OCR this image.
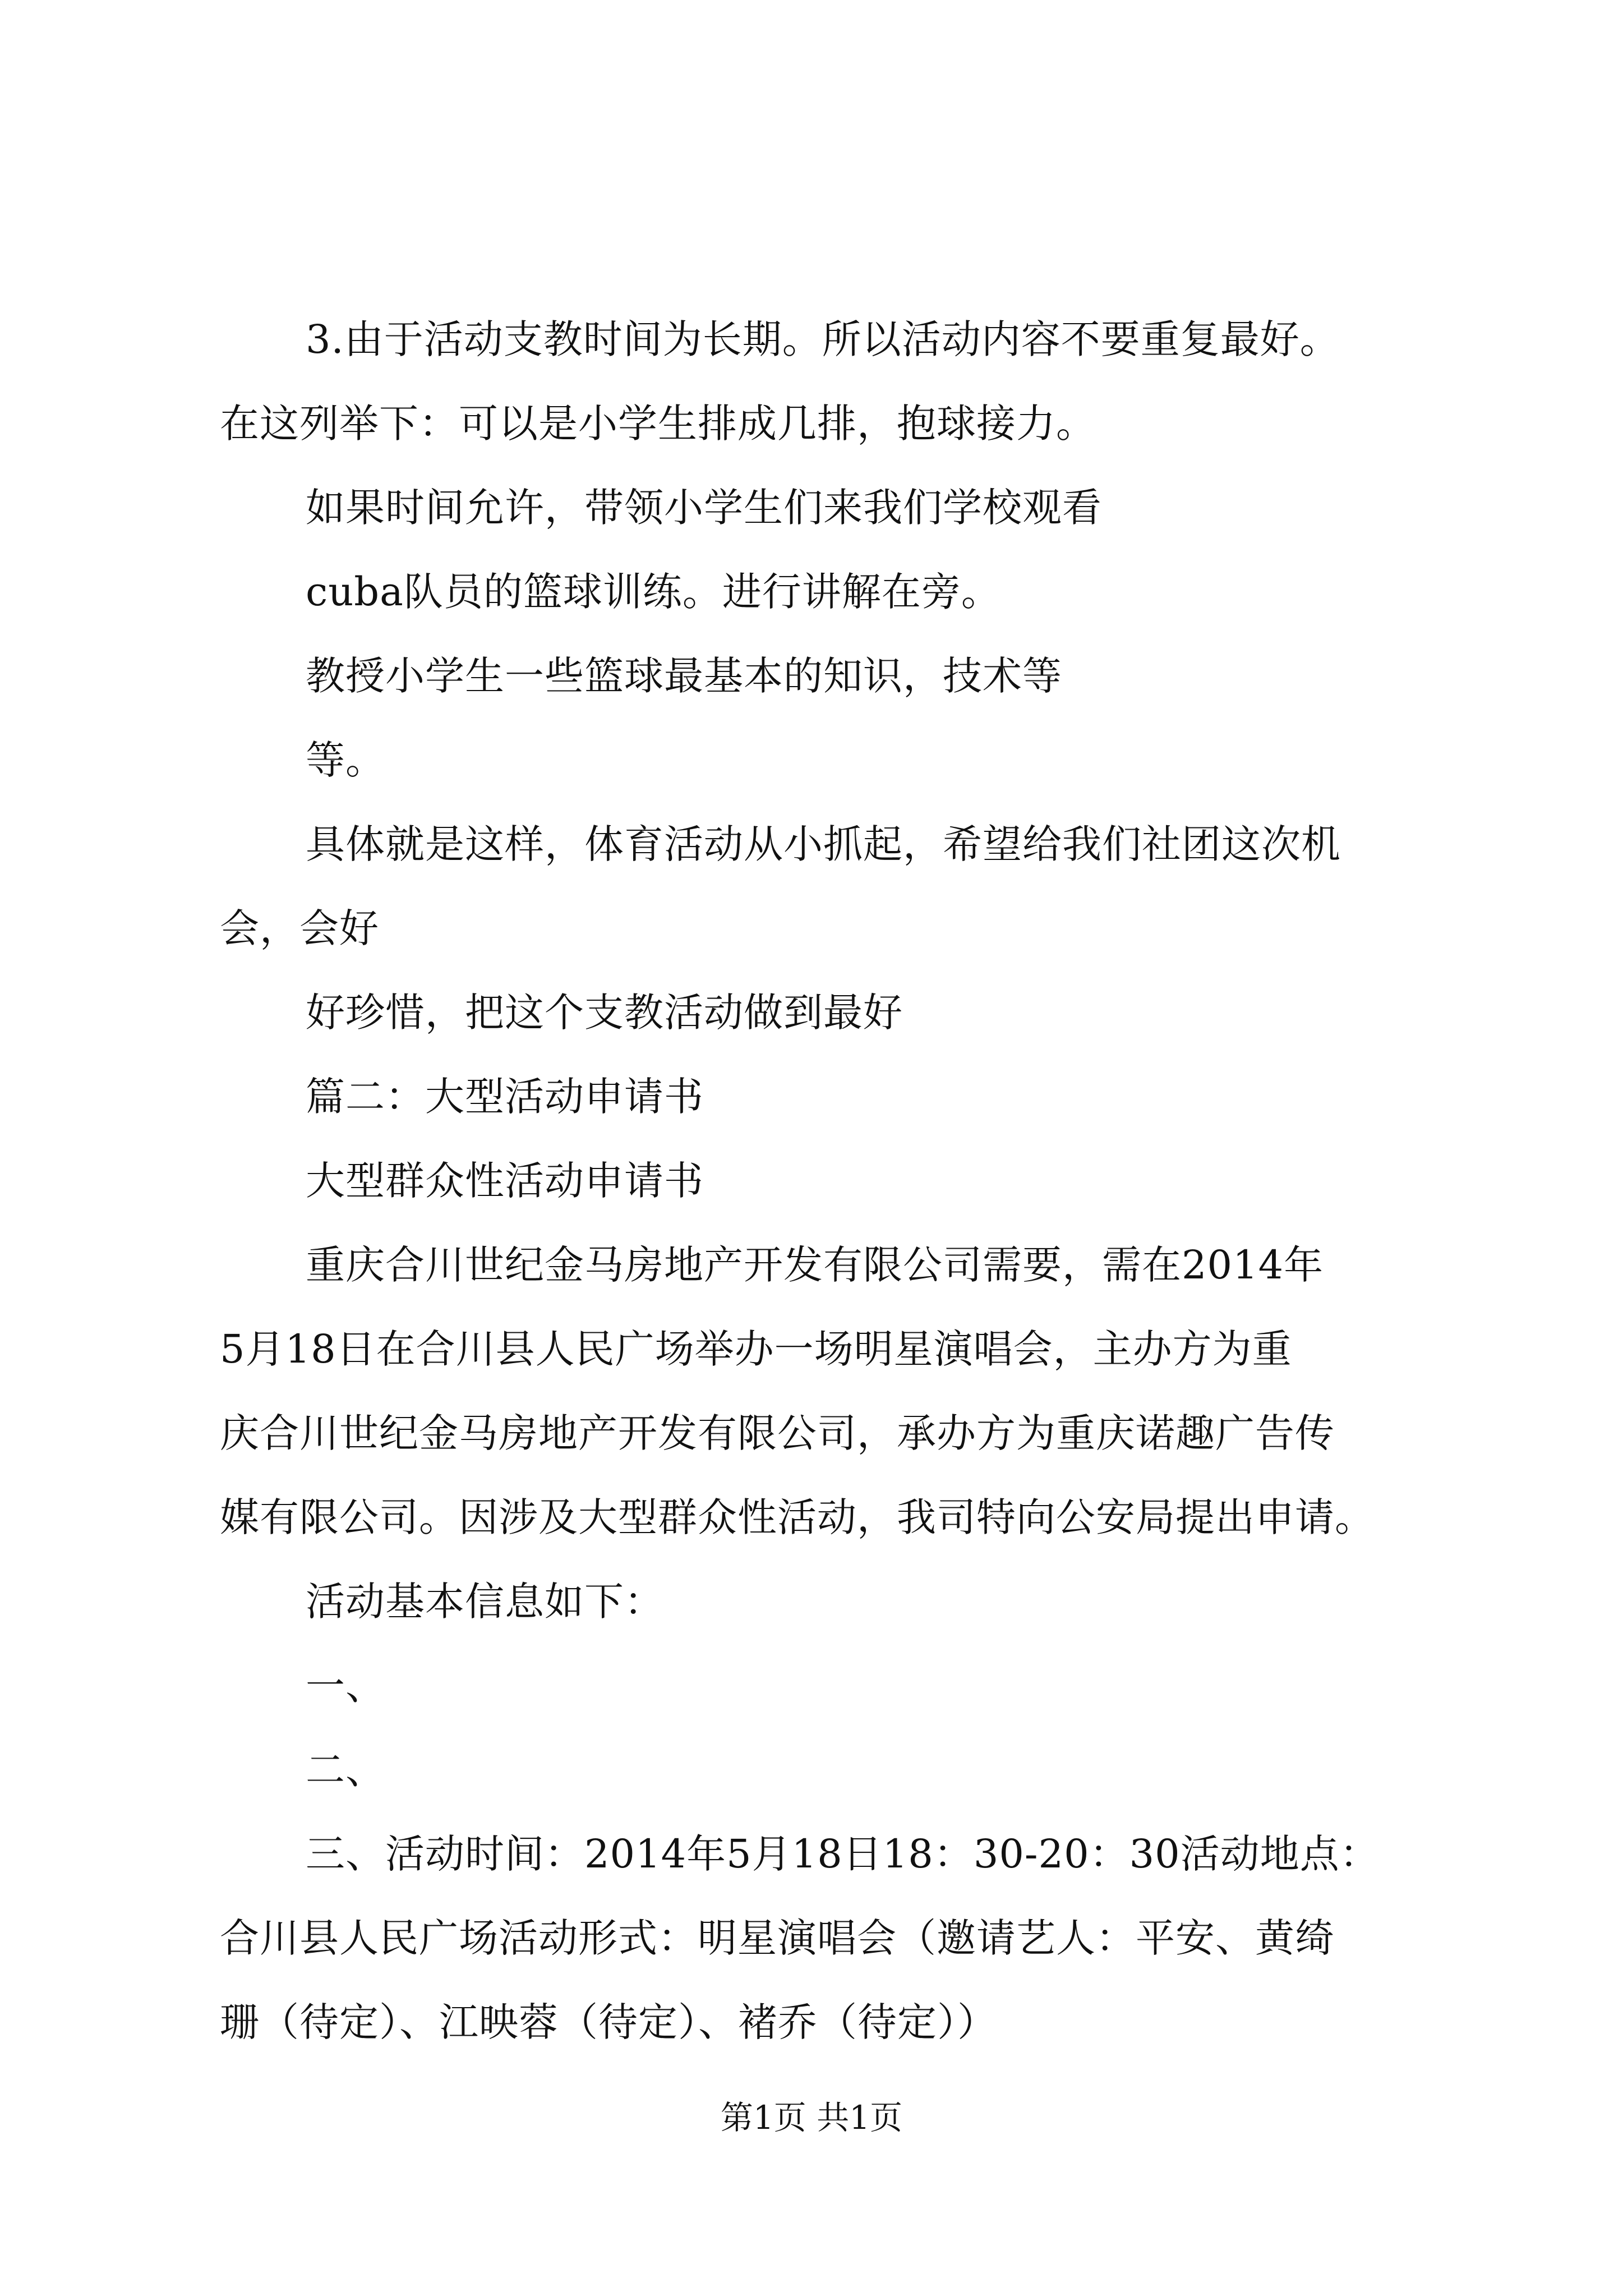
3.由于活动支教时间为长期。所以活动内容不要重复最好。
在这列举下：可以是小学生排成几排，抱球接力。
如果时间允许，带领小学生们来我们学校观看
cuba队员的篮球训练。进行讲解在旁。
教授小学生一些篮球最基本的知识，技术等
等。
具体就是这样，体育活动从小抓起，希望给我们社团这次机
会，会好
好珍惜，把这个支教活动做到最好
篇二：大型活动申请书
大型群众性活动申请书
重庆合川世纪金马房地产开发有限公司需要，需在2014年
5月18日在合川县人民广场举办一场明星演唱会，主办方为重
庆合川世纪金马房地产开发有限公司，承办方为重庆诺趣广告传
媒有限公司。因涉及大型群众性活动，我司特向公安局提出申请。
活动基本信息如下：
一、
二、
三、活动时间：2014年5月18日18：30-20：30活动地点：
合川县人民广场活动形式：明星演唱会（邀请艺人：平安、黄绮
珊（待定）、江映蓉（待定）、褚乔（待定））
第1页 共1页
